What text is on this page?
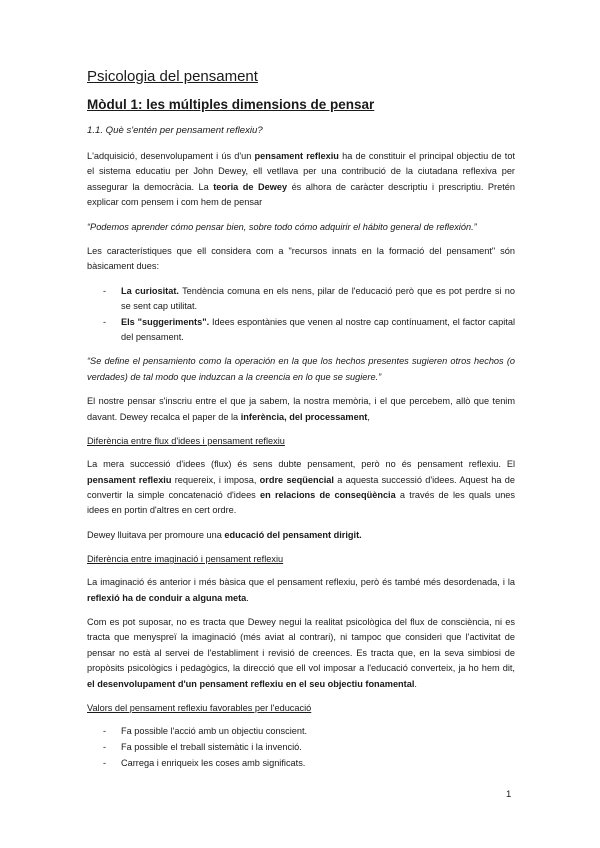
Psicologia del pensament
Mòdul 1: les múltiples dimensions de pensar
1.1. Què s'entén per pensament reflexiu?

L'adquisició, desenvolupament i ús d'un pensament reflexiu ha de constituir el principal objectiu de tot el sistema educatiu per John Dewey, ell vetllava per una contribució de la ciutadana reflexiva per assegurar la democràcia. La teoria de Dewey és alhora de caràcter descriptiu i prescriptiu. Pretén explicar com pensem i com hem de pensar

“Podemos aprender cómo pensar bien, sobre todo cómo adquirir el hábito general de reflexión.”

Les característiques que ell considera com a "recursos innats en la formació del pensament" són bàsicament dues:

- La curiositat. Tendència comuna en els nens, pilar de l'educació però que es pot perdre si no se sent cap utilitat.
- Els "suggeriments". Idees espontànies que venen al nostre cap contínuament, el factor capital del pensament.

“Se define el pensamiento como la operación en la que los hechos presentes sugieren otros hechos (o verdades) de tal modo que induzcan a la creencia en lo que se sugiere.”

El nostre pensar s'inscriu entre el que ja sabem, la nostra memòria, i el que percebem, allò que tenim davant. Dewey recalca el paper de la inferència, del processament,

Diferència entre flux d'idees i pensament reflexiu

La mera successió d'idees (flux) és sens dubte pensament, però no és pensament reflexiu. El pensament reflexiu requereix, i imposa, ordre seqüencial a aquesta successió d'idees. Aquest ha de convertir la simple concatenació d'idees en relacions de conseqüència a través de les quals unes idees en portin d'altres en cert ordre.

Dewey lluitava per promoure una educació del pensament dirigit.

Diferència entre imaginació i pensament reflexiu

La imaginació és anterior i més bàsica que el pensament reflexiu, però és també més desordenada, i la reflexió ha de conduir a alguna meta.

Com es pot suposar, no es tracta que Dewey negui la realitat psicològica del flux de consciència, ni es tracta que menyspreï la imaginació (més aviat al contrari), ni tampoc que consideri que l'activitat de pensar no està al servei de l'establiment i revisió de creences. Es tracta que, en la seva simbiosi de propòsits psicològics i pedagògics, la direcció que ell vol imposar a l'educació converteix, ja ho hem dit, el desenvolupament d'un pensament reflexiu en el seu objectiu fonamental.

Valors del pensament reflexiu favorables per l'educació
- Fa possible l'acció amb un objectiu conscient.
- Fa possible el treball sistemàtic i la invenció.
- Carrega i enriqueix les coses amb significats.
1
